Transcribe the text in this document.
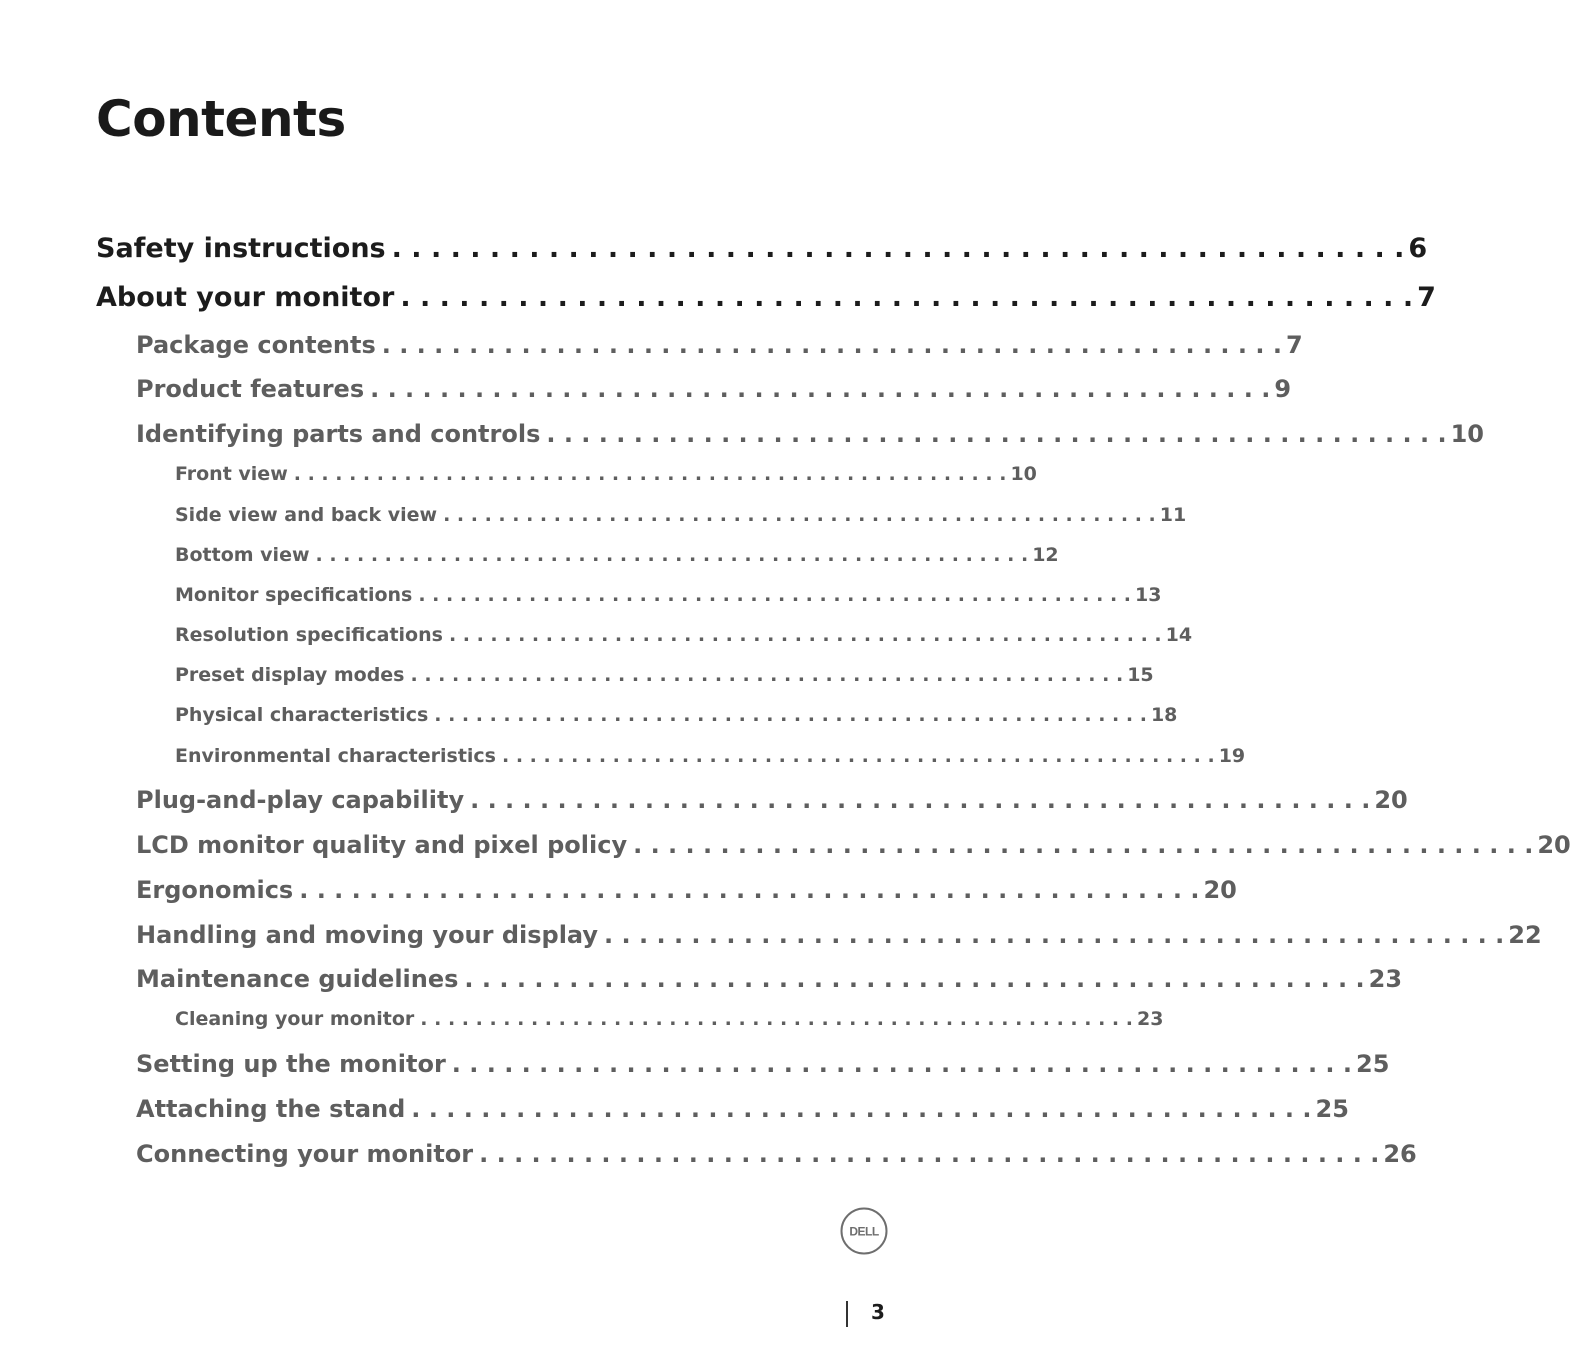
Contents
Safety instructions . . . . . . . . . . . . . . . . . . . . . . . . . . . . . . . . . . . . . . . . . . . . . . . . . . . . 6
About your monitor . . . . . . . . . . . . . . . . . . . . . . . . . . . . . . . . . . . . . . . . . . . . . . . . . . . . 7
Package contents . . . . . . . . . . . . . . . . . . . . . . . . . . . . . . . . . . . . . . . . . . . . . . . . . . . . 7
Product features . . . . . . . . . . . . . . . . . . . . . . . . . . . . . . . . . . . . . . . . . . . . . . . . . . . . 9
Identifying parts and controls . . . . . . . . . . . . . . . . . . . . . . . . . . . . . . . . . . . . . . . . . . . . . . . . . . . . 10
Front view . . . . . . . . . . . . . . . . . . . . . . . . . . . . . . . . . . . . . . . . . . . . . . . . . . . . 10
Side view and back view . . . . . . . . . . . . . . . . . . . . . . . . . . . . . . . . . . . . . . . . . . . . . . . . . . . . 11
Bottom view . . . . . . . . . . . . . . . . . . . . . . . . . . . . . . . . . . . . . . . . . . . . . . . . . . . . 12
Monitor specifications . . . . . . . . . . . . . . . . . . . . . . . . . . . . . . . . . . . . . . . . . . . . . . . . . . . . 13
Resolution specifications . . . . . . . . . . . . . . . . . . . . . . . . . . . . . . . . . . . . . . . . . . . . . . . . . . . . 14
Preset display modes . . . . . . . . . . . . . . . . . . . . . . . . . . . . . . . . . . . . . . . . . . . . . . . . . . . . 15
Physical characteristics . . . . . . . . . . . . . . . . . . . . . . . . . . . . . . . . . . . . . . . . . . . . . . . . . . . . 18
Environmental characteristics . . . . . . . . . . . . . . . . . . . . . . . . . . . . . . . . . . . . . . . . . . . . . . . . . . . . 19
Plug-and-play capability . . . . . . . . . . . . . . . . . . . . . . . . . . . . . . . . . . . . . . . . . . . . . . . . . . . . 20
LCD monitor quality and pixel policy . . . . . . . . . . . . . . . . . . . . . . . . . . . . . . . . . . . . . . . . . . . . . . . . . . . . 20
Ergonomics . . . . . . . . . . . . . . . . . . . . . . . . . . . . . . . . . . . . . . . . . . . . . . . . . . . . 20
Handling and moving your display . . . . . . . . . . . . . . . . . . . . . . . . . . . . . . . . . . . . . . . . . . . . . . . . . . . . 22
Maintenance guidelines . . . . . . . . . . . . . . . . . . . . . . . . . . . . . . . . . . . . . . . . . . . . . . . . . . . . 23
Cleaning your monitor . . . . . . . . . . . . . . . . . . . . . . . . . . . . . . . . . . . . . . . . . . . . . . . . . . . . 23
Setting up the monitor . . . . . . . . . . . . . . . . . . . . . . . . . . . . . . . . . . . . . . . . . . . . . . . . . . . . 25
Attaching the stand . . . . . . . . . . . . . . . . . . . . . . . . . . . . . . . . . . . . . . . . . . . . . . . . . . . . 25
Connecting your monitor . . . . . . . . . . . . . . . . . . . . . . . . . . . . . . . . . . . . . . . . . . . . . . . . . . . . 26
DELL
3
